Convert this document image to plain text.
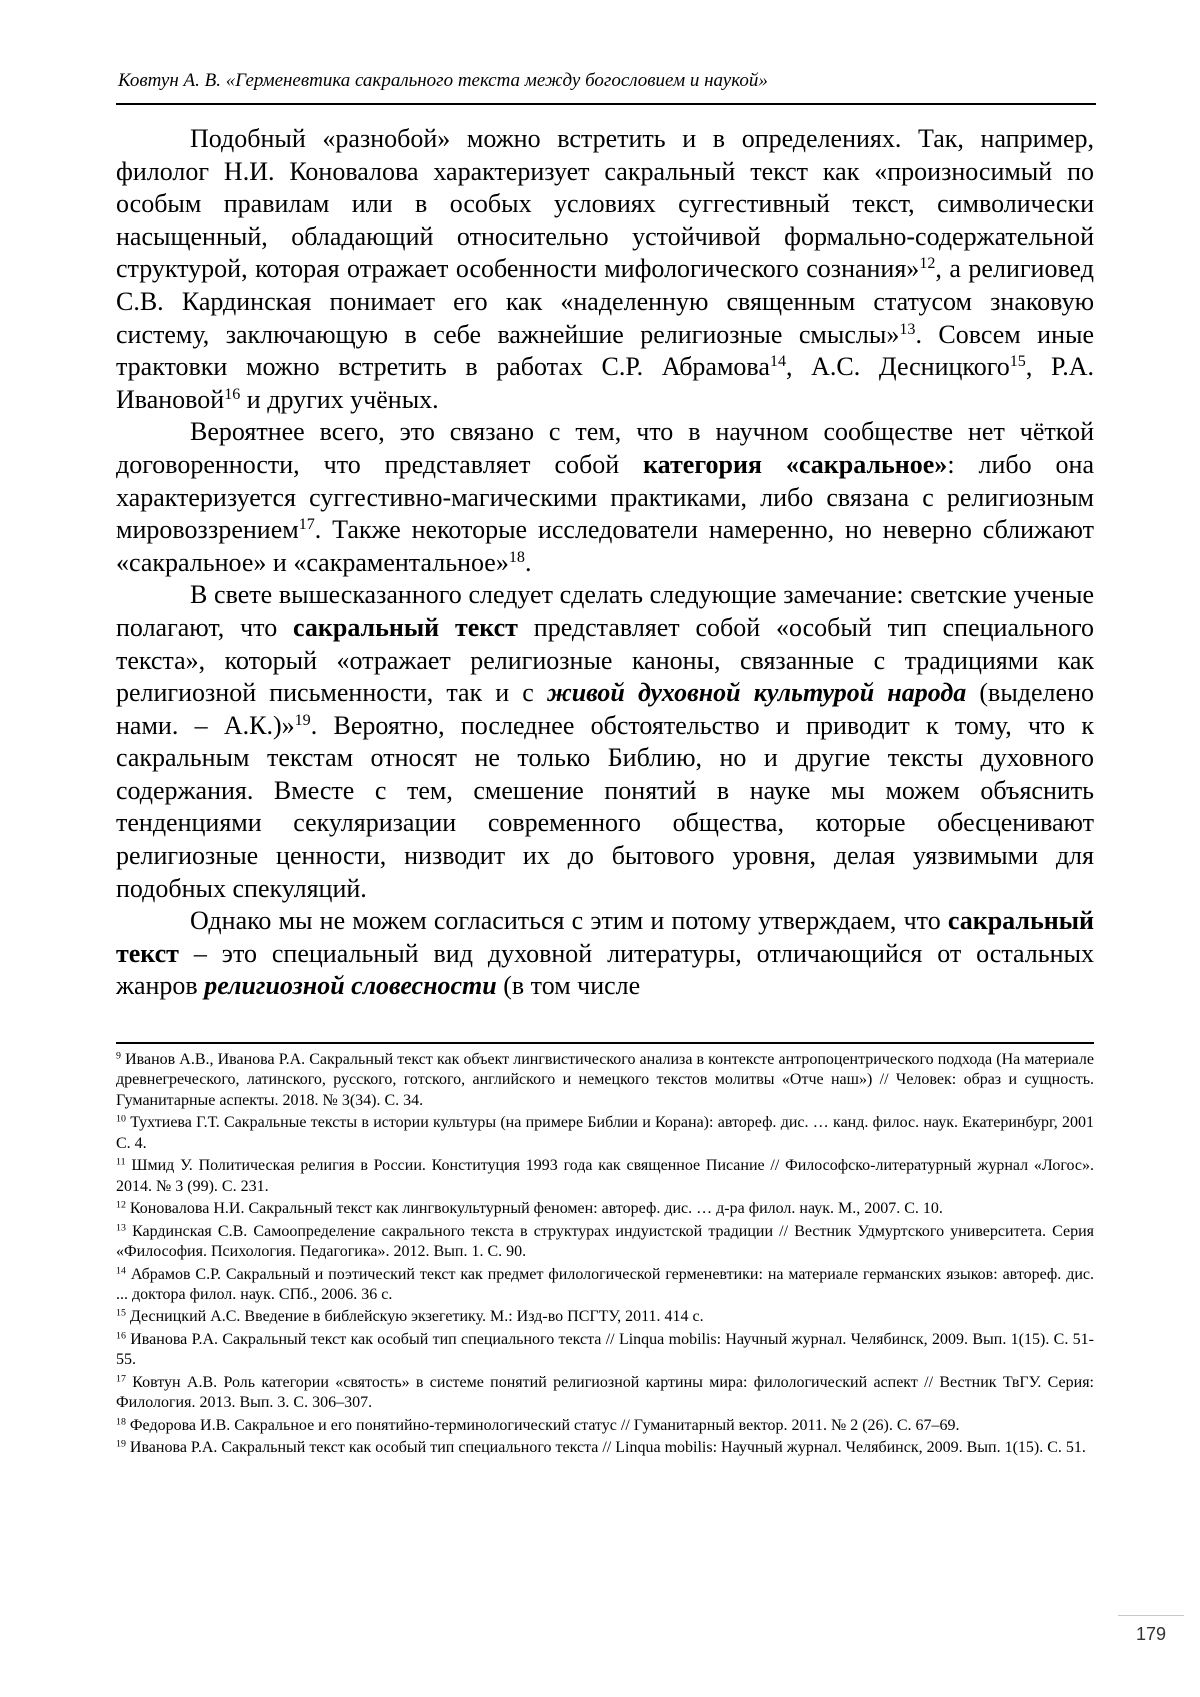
Ковтун А. В. «Герменевтика сакрального текста между богословием и наукой»

Подобный «разнобой» можно встретить и в определениях. Так, например, филолог Н.И. Коновалова характеризует сакральный текст как «произносимый по особым правилам или в особых условиях суггестивный текст, символически насыщенный, обладающий относительно устойчивой формально-содержательной структурой, которая отражает особенности мифологического сознания»$^{12}$, а религиовед С.В. Кардинская понимает его как «наделенную священным статусом знаковую систему, заключающую в себе важнейшие религиозные смыслы»$^{13}$. Совсем иные трактовки можно встретить в работах С.Р. Абрамова$^{14}$, А.С. Десницкого$^{15}$, Р.А. Ивановой$^{16}$ и других учёных.

Вероятнее всего, это связано с тем, что в научном сообществе нет чёткой договоренности, что представляет собой категория «сакральное»: либо она характеризуется суггестивно-магическими практиками, либо связана с религиозным мировоззрением$^{17}$. Также некоторые исследователи намеренно, но неверно сближают «сакральное» и «сакраментальное»$^{18}$.

В свете вышесказанного следует сделать следующие замечание: светские ученые полагают, что сакральный текст представляет собой «особый тип специального текста», который «отражает религиозные каноны, связанные с традициями как религиозной письменности, так и с живой духовной культурой народа (выделено нами. – А.К.)»$^{19}$. Вероятно, последнее обстоятельство и приводит к тому, что к сакральным текстам относят не только Библию, но и другие тексты духовного содержания. Вместе с тем, смешение понятий в науке мы можем объяснить тенденциями секуляризации современного общества, которые обесценивают религиозные ценности, низводит их до бытового уровня, делая уязвимыми для подобных спекуляций.

Однако мы не можем согласиться с этим и потому утверждаем, что сакральный текст – это специальный вид духовной литературы, отличающийся от остальных жанров религиозной словесности (в том числе

$^9$ Иванов А.В., Иванова Р.А. Сакральный текст как объект лингвистического анализа в контексте антропоцентрического подхода (На материале древнегреческого, латинского, русского, готского, английского и немецкого текстов молитвы «Отче наш») // Человек: образ и сущность. Гуманитарные аспекты. 2018. № 3(34). С. 34.

$^{10}$ Тухтиева Г.Т. Сакральные тексты в истории культуры (на примере Библии и Корана): автореф. дис. … канд. филос. наук. Екатеринбург, 2001 С. 4.

$^{11}$ Шмид У. Политическая религия в России. Конституция 1993 года как священное Писание // Философско-литературный журнал «Логос». 2014. № 3 (99). С. 231.

$^{12}$ Коновалова Н.И. Сакральный текст как лингвокультурный феномен: автореф. дис. … д-ра филол. наук. М., 2007. С. 10.

$^{13}$ Кардинская С.В. Самоопределение сакрального текста в структурах индуистской традиции // Вестник Удмуртского университета. Серия «Философия. Психология. Педагогика». 2012. Вып. 1. С. 90.

$^{14}$ Абрамов С.Р. Сакральный и поэтический текст как предмет филологической герменевтики: на материале германских языков: автореф. дис. ... доктора филол. наук. СПб., 2006. 36 с.

$^{15}$ Десницкий А.С. Введение в библейскую экзегетику. М.: Изд-во ПСГТУ, 2011. 414 с.

$^{16}$ Иванова Р.А. Сакральный текст как особый тип специального текста // Linqua mobilis: Научный журнал. Челябинск, 2009. Вып. 1(15). С. 51-55.

$^{17}$ Ковтун А.В. Роль категории «святость» в системе понятий религиозной картины мира: филологический аспект // Вестник ТвГУ. Серия: Филология. 2013. Вып. 3. С. 306–307.

$^{18}$ Федорова И.В. Сакральное и его понятийно-терминологический статус // Гуманитарный вектор. 2011. № 2 (26). С. 67–69.

$^{19}$ Иванова Р.А. Сакральный текст как особый тип специального текста // Linqua mobilis: Научный журнал. Челябинск, 2009. Вып. 1(15). С. 51.

179
